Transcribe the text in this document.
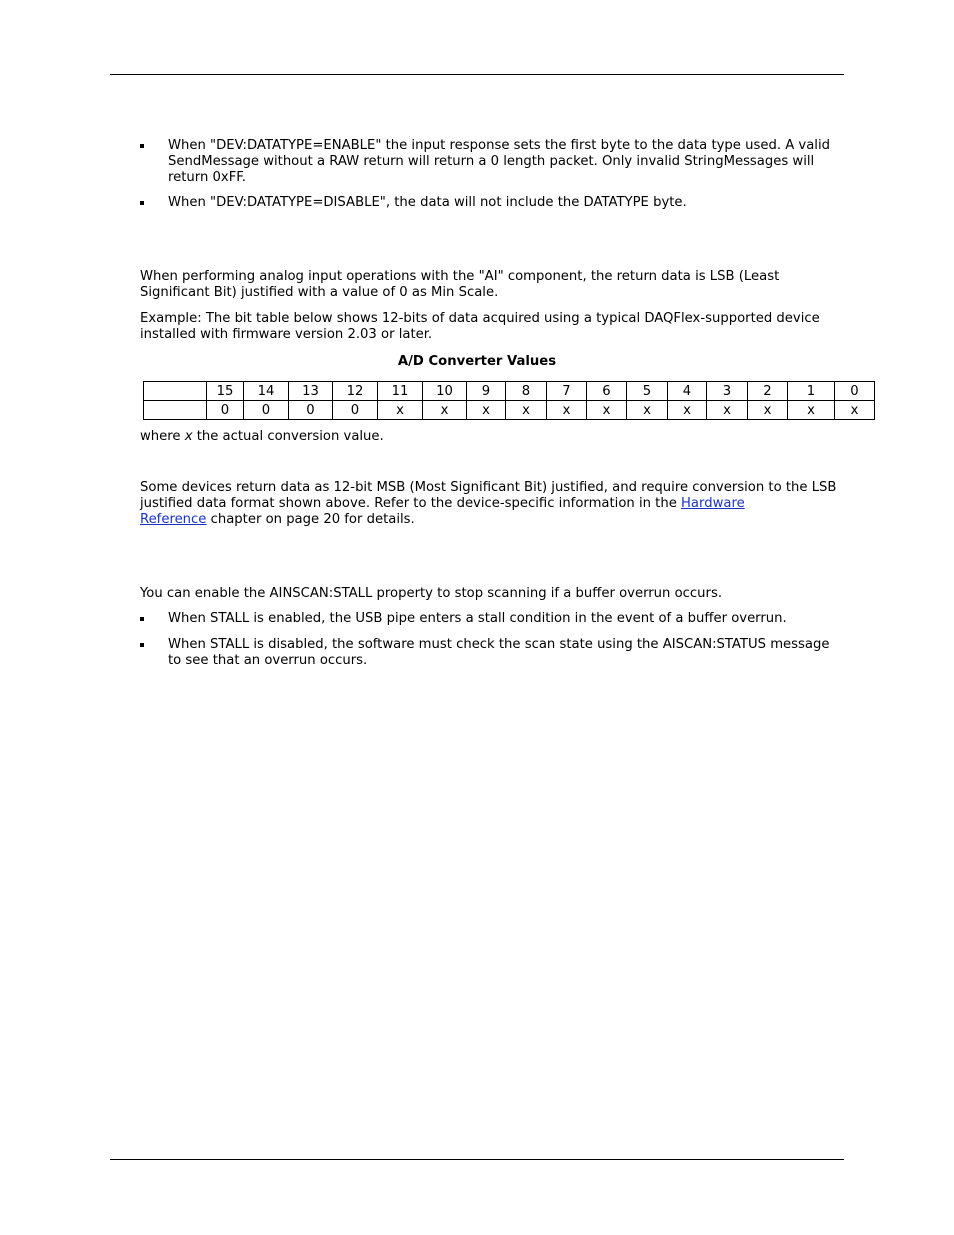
When "DEV:DATATYPE=ENABLE" the input response sets the first byte to the data type used. A valid SendMessage without a RAW return will return a 0 length packet. Only invalid StringMessages will return 0xFF.
When "DEV:DATATYPE=DISABLE", the data will not include the DATATYPE byte.

When performing analog input operations with the "AI" component, the return data is LSB (Least Significant Bit) justified with a value of 0 as Min Scale.

Example: The bit table below shows 12-bits of data acquired using a typical DAQFlex-supported device installed with firmware version 2.03 or later.

A/D Converter Values

	15	14	13	12	11	10	9	8	7	6	5	4	3	2	1	0
	0	0	0	0	x	x	x	x	x	x	x	x	x	x	x	x

where x the actual conversion value.

Some devices return data as 12-bit MSB (Most Significant Bit) justified, and require conversion to the LSB justified data format shown above. Refer to the device-specific information in the Hardware
Reference chapter on page 20 for details.

You can enable the AINSCAN:STALL property to stop scanning if a buffer overrun occurs.

When STALL is enabled, the USB pipe enters a stall condition in the event of a buffer overrun.
When STALL is disabled, the software must check the scan state using the AISCAN:STATUS message to see that an overrun occurs.
